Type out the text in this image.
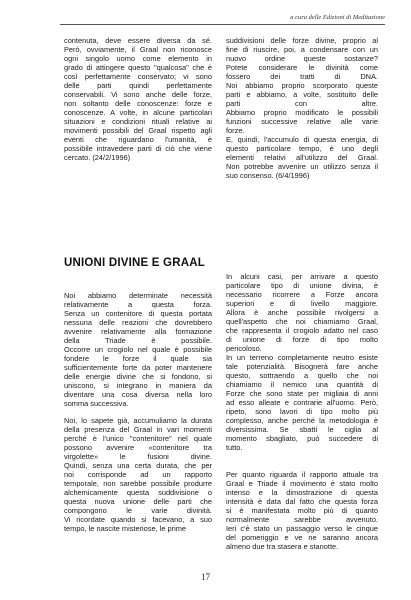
a cura delle Edizioni di Meditazione

contenuta, deve essere diversa da sé.

Però, ovviamente, il Graal non riconosce

ogni singolo uomo come elemento in

grado di attingere questo "qualcosa" che è

così perfettamente conservato; vi sono

delle parti quindi perfettamente

conservabili. Vi sono anche delle forze,

non soltanto delle conoscenze: forze e

conoscenze. A volte, in alcune particolari

situazioni e condizioni rituali relative ai

movimenti possibili del Graal rispetto agli

eventi che riguardano l'umanità, è

possibile intravedere parti di ciò che viene

cercato. (24/2/1996)

suddivisioni delle forze divine, proprio al

fine di riuscire, poi, a condensare con un

nuovo ordine queste sostanze?

Potete considerare le divinità come

fossero dei tratti di DNA.

Noi abbiamo proprio scorporato queste

parti e abbiamo, a volte, sostituito delle

parti con altre.

Abbiamo proprio modificato le possibili

funzioni successive relative alle varie

forze.

E, quindi, l'accumulo di questa energia, di

questo particolare tempo, è uno degli

elementi relativi all'utilizzo del Graal.

Non potrebbe avvenire un utilizzo senza il

suo consenso. (6/4/1996)

UNIONI DIVINE E GRAAL

Noi abbiamo determinate necessità

relativamente a questa forza.

Senza un contenitore di questa portata

nessuna delle reazioni che dovrebbero

avvenire relativamente alla formazione

della Triade è possibile.

Occorre un crogiolo nel quale è possibile

fondere le forze il quale sia

sufficientemente forte da poter mantenere

delle energie divine che si fondono, si

uniscono, si integrano in maniera da

diventare una cosa diversa nella loro

somma successiva.

Noi, lo sapete già, accumuliamo la durata

della presenza del Graal in vari momenti

perché è l'unico "contenitore" nel quale

possono avvenire «contenitore tra

virgolette» le fusioni divine.

Quindi, senza una certa durata, che per

noi corrisponde ad un rapporto

temporale, non sarebbe possibile produrre

alchemicamente questa suddivisione o

questa nuova unione delle parti che

compongono le varie divinità.

Vi ricordate quando si facevano, a suo

tempo, le nascite misteriose, le prime

In alcuni casi, per arrivare a questo

particolare tipo di unione divina, è

necessario ricorrere a Forze ancora

superiori e di livello maggiore.

Allora è anche possibile rivolgersi a

quell'aspetto che noi chiamiamo Graal,

che rappresenta il crogiolo adatto nel caso

di unione di forze di tipo molto

pericoloso.

In un terreno completamente neutro esiste

tale potenzialità. Bisognerà fare anche

questo, sottraendo a quello che noi

chiamiamo il nemico una quantità di

Forze che sono state per migliaia di anni

ad esso alleate e contrarie all'uomo. Però,

ripeto, sono lavori di tipo molto più

complesso, anche perché la metodologia è

diversissima. Se sbatti le ciglia al

momento sbagliato, può succedere di

tutto.

Per quanto riguarda il rapporto attuale tra

Graal e Triade il movimento è stato molto

intenso e la dimostrazione di questa

intensità è data dal fatto che questa forza

si è manifestata molto più di quanto

normalmente sarebbe avvenuto.

Ieri c'è stato un passaggio verso le cinque

del pomeriggio e ve ne saranno ancora

almeno due tra stasera e stanotte.

17
